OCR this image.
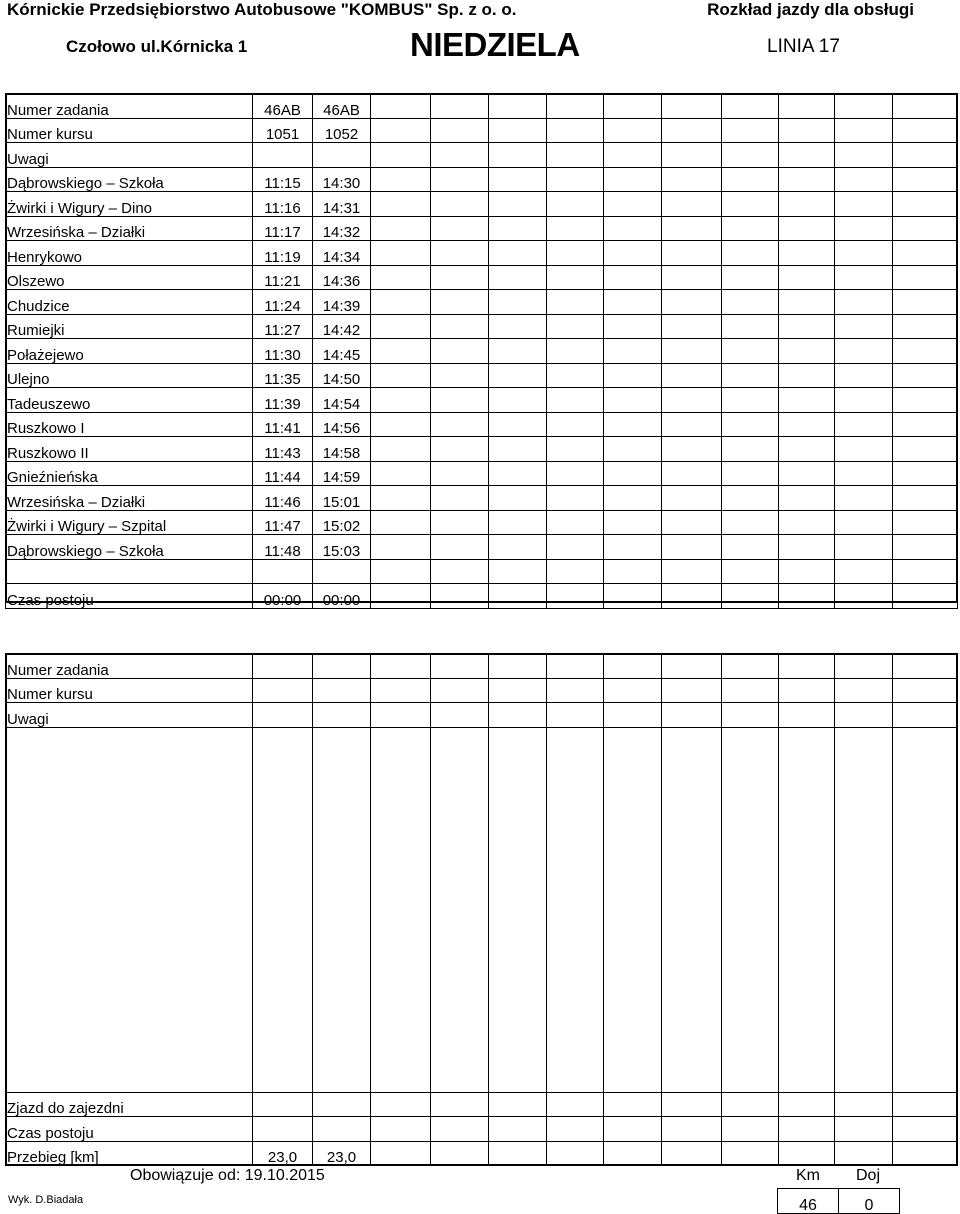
Kórnickie Przedsiębiorstwo Autobusowe "KOMBUS" Sp. z o. o.	Rozkład jazdy dla obsługi
Czołowo ul.Kórnicka 1	NIEDZIELA	LINIA 17
Numer zadania	46AB	46AB										
Numer kursu	1051	1052										
Uwagi												
Dąbrowskiego – Szkoła	11:15	14:30										
Żwirki i Wigury – Dino	11:16	14:31										
Wrzesińska – Działki	11:17	14:32										
Henrykowo	11:19	14:34										
Olszewo	11:21	14:36										
Chudzice	11:24	14:39										
Rumiejki	11:27	14:42										
Połażejewo	11:30	14:45										
Ulejno	11:35	14:50										
Tadeuszewo	11:39	14:54										
Ruszkowo I	11:41	14:56										
Ruszkowo II	11:43	14:58										
Gnieźnieńska	11:44	14:59										
Wrzesińska – Działki	11:46	15:01										
Żwirki i Wigury – Szpital	11:47	15:02										
Dąbrowskiego – Szkoła	11:48	15:03										

Czas postoju	00:00	00:00										
Numer zadania												
Numer kursu												
Uwagi												

Zjazd do zajezdni												
Czas postoju												
Przebieg [km]	23,0	23,0										
Obowiązuje od: 19.10.2015
Wyk. D.Biadała
Km	Doj
46	0
